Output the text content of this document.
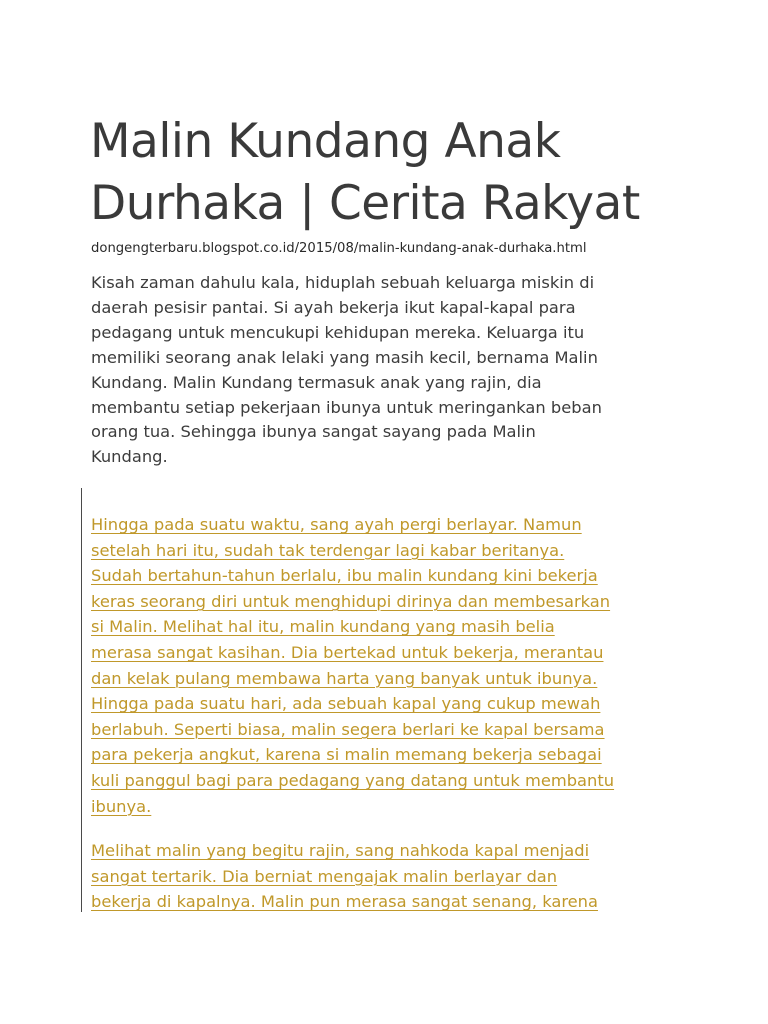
Malin Kundang Anak
Durhaka | Cerita Rakyat

dongengterbaru.blogspot.co.id/2015/08/malin-kundang-anak-durhaka.html

Kisah zaman dahulu kala, hiduplah sebuah keluarga miskin di
daerah pesisir pantai. Si ayah bekerja ikut kapal-kapal para
pedagang untuk mencukupi kehidupan mereka. Keluarga itu
memiliki seorang anak lelaki yang masih kecil, bernama Malin
Kundang. Malin Kundang termasuk anak yang rajin, dia
membantu setiap pekerjaan ibunya untuk meringankan beban
orang tua. Sehingga ibunya sangat sayang pada Malin
Kundang.

Hingga pada suatu waktu, sang ayah pergi berlayar. Namun
setelah hari itu, sudah tak terdengar lagi kabar beritanya.
Sudah bertahun-tahun berlalu, ibu malin kundang kini bekerja
keras seorang diri untuk menghidupi dirinya dan membesarkan
si Malin. Melihat hal itu, malin kundang yang masih belia
merasa sangat kasihan. Dia bertekad untuk bekerja, merantau
dan kelak pulang membawa harta yang banyak untuk ibunya.
Hingga pada suatu hari, ada sebuah kapal yang cukup mewah
berlabuh. Seperti biasa, malin segera berlari ke kapal bersama
para pekerja angkut, karena si malin memang bekerja sebagai
kuli panggul bagi para pedagang yang datang untuk membantu
ibunya.

Melihat malin yang begitu rajin, sang nahkoda kapal menjadi
sangat tertarik. Dia berniat mengajak malin berlayar dan
bekerja di kapalnya. Malin pun merasa sangat senang, karena
